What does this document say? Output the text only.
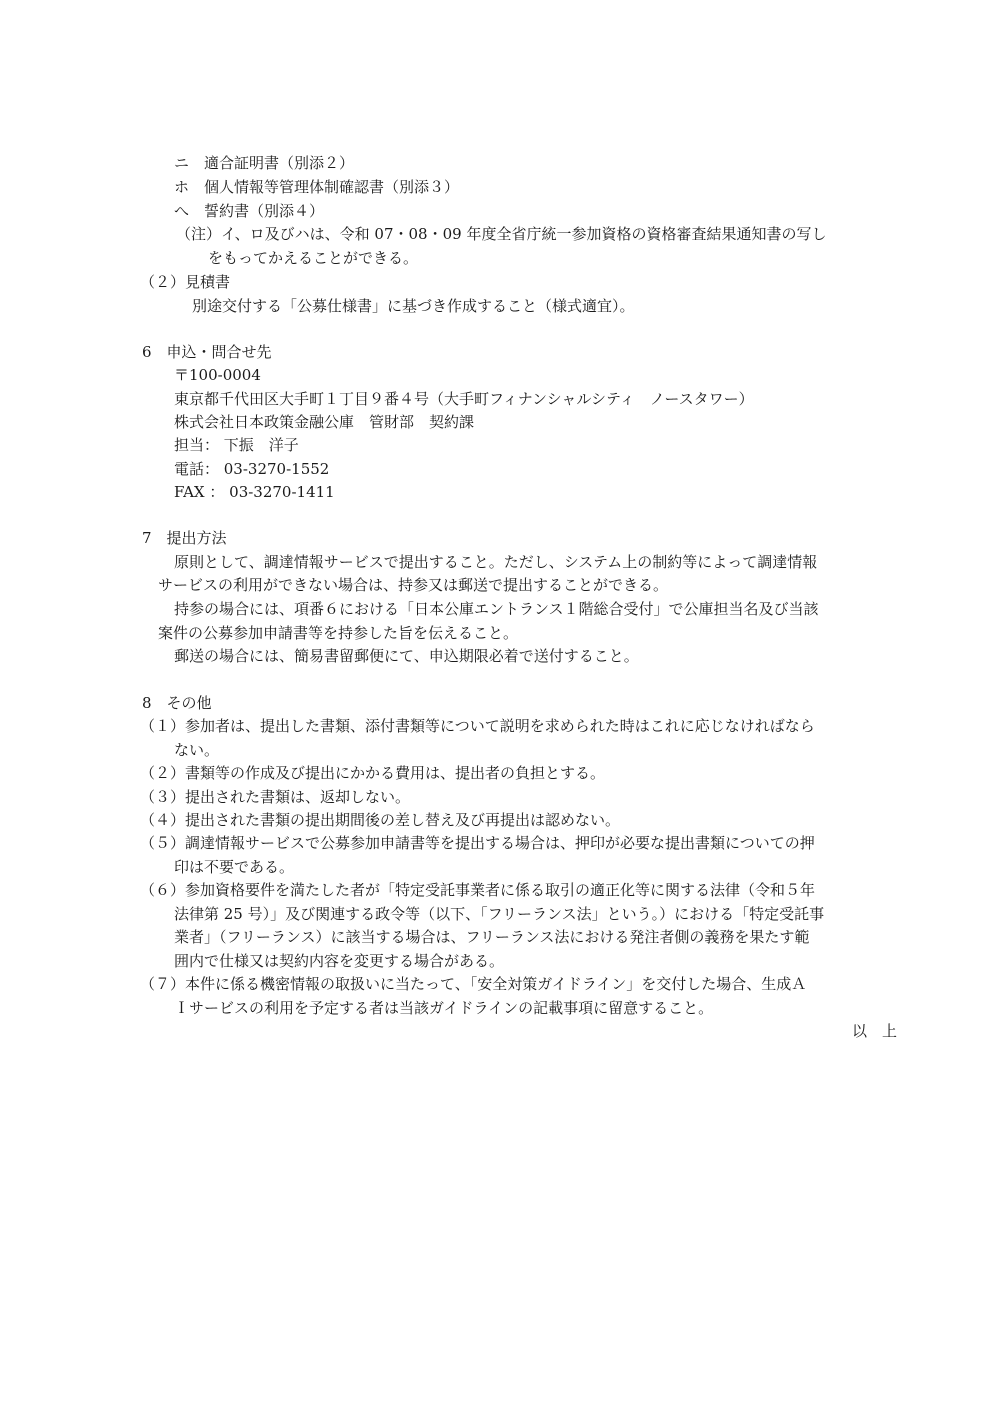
ニ　適合証明書（別添２）
ホ　個人情報等管理体制確認書（別添３）
へ　誓約書（別添４）
（注）イ、ロ及びハは、令和 07・08・09 年度全省庁統一参加資格の資格審査結果通知書の写し
をもってかえることができる。
（２）見積書
別途交付する「公募仕様書」に基づき作成すること（様式適宜）。
6　申込・問合せ先
〒100-0004
東京都千代田区大手町１丁目９番４号（大手町フィナンシャルシティ　ノースタワー）
株式会社日本政策金融公庫　管財部　契約課
担当： 下振　洋子
電話： 03-3270-1552
FAX ： 03-3270-1411
7　提出方法
原則として、調達情報サービスで提出すること。ただし、システム上の制約等によって調達情報
サービスの利用ができない場合は、持参又は郵送で提出することができる。
持参の場合には、項番６における「日本公庫エントランス１階総合受付」で公庫担当名及び当該
案件の公募参加申請書等を持参した旨を伝えること。
郵送の場合には、簡易書留郵便にて、申込期限必着で送付すること。
8　その他
（１）参加者は、提出した書類、添付書類等について説明を求められた時はこれに応じなければなら
ない。
（２）書類等の作成及び提出にかかる費用は、提出者の負担とする。
（３）提出された書類は、返却しない。
（４）提出された書類の提出期間後の差し替え及び再提出は認めない。
（５）調達情報サービスで公募参加申請書等を提出する場合は、押印が必要な提出書類についての押
印は不要である。
（６）参加資格要件を満たした者が「特定受託事業者に係る取引の適正化等に関する法律（令和５年
法律第 25 号）」及び関連する政令等（以下、「フリーランス法」という。）における「特定受託事
業者」（フリーランス）に該当する場合は、フリーランス法における発注者側の義務を果たす範
囲内で仕様又は契約内容を変更する場合がある。
（７）本件に係る機密情報の取扱いに当たって、「安全対策ガイドライン」を交付した場合、生成Ａ
Ｉサービスの利用を予定する者は当該ガイドラインの記載事項に留意すること。
以　上
